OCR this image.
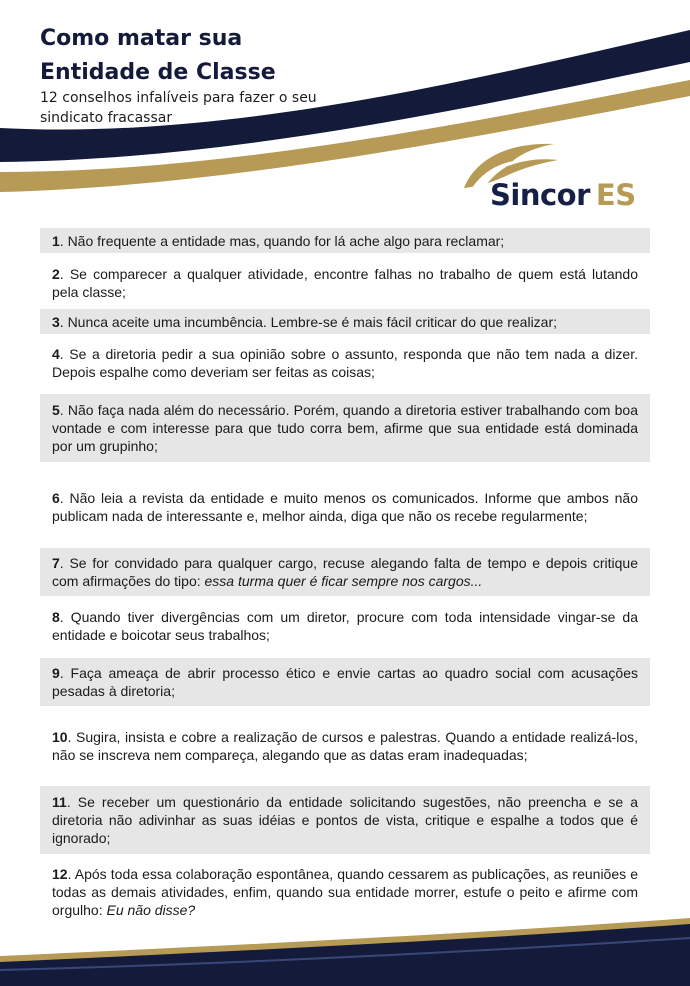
Como matar sua
Entidade de Classe
12 conselhos infalíveis para fazer o seu
sindicato fracassar
Sincor ES
1. Não frequente a entidade mas, quando for lá ache algo para reclamar;
2. Se comparecer a qualquer atividade, encontre falhas no trabalho de quem está lutando pela classe;
3. Nunca aceite uma incumbência. Lembre-se é mais fácil criticar do que realizar;
4. Se a diretoria pedir a sua opinião sobre o assunto, responda que não tem nada a dizer. Depois espalhe como deveriam ser feitas as coisas;
5. Não faça nada além do necessário. Porém, quando a diretoria estiver trabalhando com boa vontade e com interesse para que tudo corra bem, afirme que sua entidade está dominada por um grupinho;
6. Não leia a revista da entidade e muito menos os comunicados. Informe que ambos não publicam nada de interessante e, melhor ainda, diga que não os recebe regularmente;
7. Se for convidado para qualquer cargo, recuse alegando falta de tempo e depois critique com afirmações do tipo: essa turma quer é ficar sempre nos cargos...
8. Quando tiver divergências com um diretor, procure com toda intensidade vingar-se da entidade e boicotar seus trabalhos;
9. Faça ameaça de abrir processo ético e envie cartas ao quadro social com acusações pesadas à diretoria;
10. Sugira, insista e cobre a realização de cursos e palestras. Quando a entidade realizá-los, não se inscreva nem compareça, alegando que as datas eram inadequadas;
11. Se receber um questionário da entidade solicitando sugestões, não preencha e se a diretoria não adivinhar as suas idéias e pontos de vista, critique e espalhe a todos que é ignorado;
12. Após toda essa colaboração espontânea, quando cessarem as publicações, as reuniões e todas as demais atividades, enfim, quando sua entidade morrer, estufe o peito e afirme com orgulho: Eu não disse?
